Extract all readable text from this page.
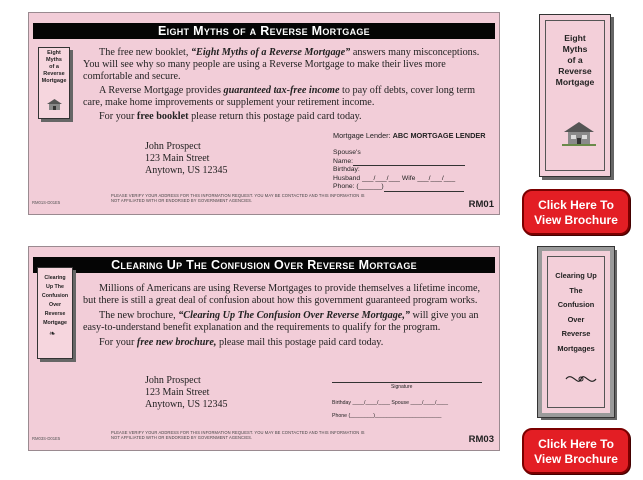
Eight Myths of a Reverse Mortgage
Eight
Myths
of a
Reverse
Mortgage

The free new booklet, “Eight Myths of a Reverse Mortgage” answers many misconceptions. You will see why so many people are using a Reverse Mortgage to make their lives more comfortable and secure.

A Reverse Mortgage provides guaranteed tax-free income to pay off debts, cover long term care, make home improvements or supplement your retirement income.

For your free booklet please return this postage paid card today.

John Prospect
123 Main Street
Anytown, US 12345
Mortgage Lender: ABC MORTGAGE LENDER
Spouse's
Name:
Birthday:
Husband
___/___/___
Wife
___/___/___
Phone: (______)
PLEASE VERIFY YOUR ADDRESS FOR THIS INFORMATION REQUEST. YOU MAY BE CONTACTED AND THIS INFORMATION IS NOT AFFILIATED WITH OR ENDORSED BY GOVERNMENT AGENCIES.
RM01S-D01E5	RM01
Clearing Up The Confusion Over Reverse Mortgage
Clearing
Up The
Confusion
Over
Reverse
Mortgage
❧

Millions of Americans are using Reverse Mortgages to provide themselves a lifetime income, but there is still a great deal of confusion about how this government guaranteed program works.

The new brochure, “Clearing Up The Confusion Over Reverse Mortgage,” will give you an easy-to-understand benefit explanation and the requirements to qualify for the program.

For your free new brochure, please mail this postage paid card today.

John Prospect
123 Main Street
Anytown, US 12345
Signature
Birthday ____/____/____ Spouse ____/____/____
Phone (________)_______________________
PLEASE VERIFY YOUR ADDRESS FOR THIS INFORMATION REQUEST. YOU MAY BE CONTACTED AND THIS INFORMATION IS NOT AFFILIATED WITH OR ENDORSED BY GOVERNMENT AGENCIES.
RM03S-D01E5	RM03
Eight
Myths
of a
Reverse
Mortgage
Clearing Up
The
Confusion
Over
Reverse
Mortgages
Click Here To View Brochure
Click Here To View Brochure
